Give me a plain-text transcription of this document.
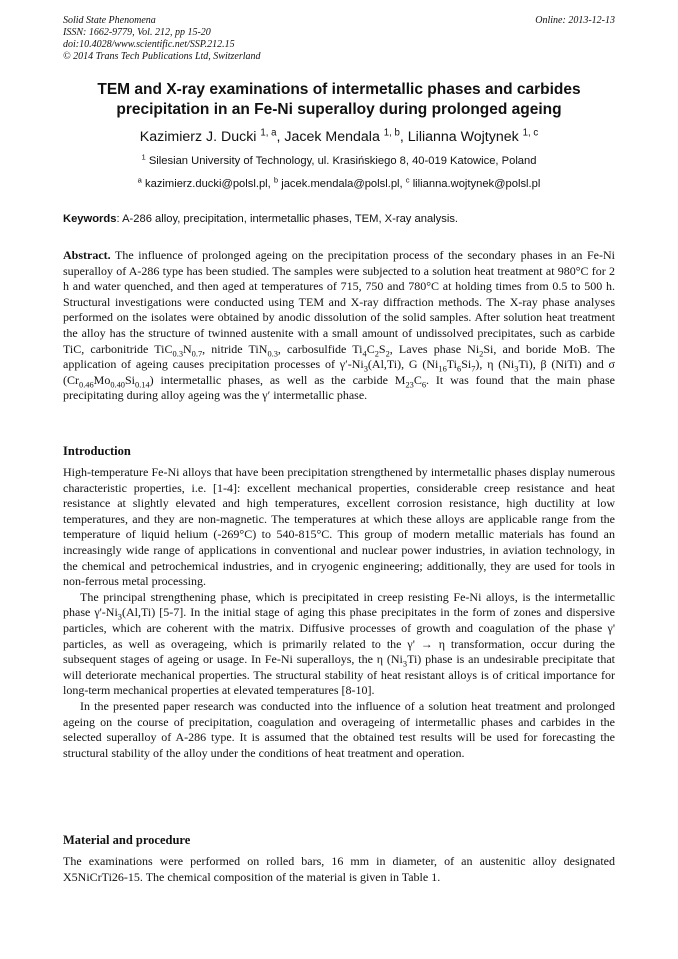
Solid State Phenomena
ISSN: 1662-9779, Vol. 212, pp 15-20
doi:10.4028/www.scientific.net/SSP.212.15
© 2014 Trans Tech Publications Ltd, Switzerland
Online: 2013-12-13
TEM and X-ray examinations of intermetallic phases and carbides
precipitation in an Fe-Ni superalloy during prolonged ageing
Kazimierz J. Ducki $^{1, a}$, Jacek Mendala $^{1, b}$, Lilianna Wojtynek $^{1, c}$
$^1$ Silesian University of Technology, ul. Krasińskiego 8, 40-019 Katowice, Poland
$^a$ kazimierz.ducki@polsl.pl, $^b$ jacek.mendala@polsl.pl, $^c$ lilianna.wojtynek@polsl.pl
Keywords: A-286 alloy, precipitation, intermetallic phases, TEM, X-ray analysis.
Abstract. The influence of prolonged ageing on the precipitation process of the secondary phases in an Fe-Ni superalloy of A-286 type has been studied. The samples were subjected to a solution heat treatment at 980°C for 2 h and water quenched, and then aged at temperatures of 715, 750 and 780°C at holding times from 0.5 to 500 h. Structural investigations were conducted using TEM and X-ray diffraction methods. The X-ray phase analyses performed on the isolates were obtained by anodic dissolution of the solid samples. After solution heat treatment the alloy has the structure of twinned austenite with a small amount of undissolved precipitates, such as carbide TiC, carbonitride $TiC_{0.3}N_{0.7}$, nitride TiN$_{0.3}$, carbosulfide $Ti_4C_2S_2$, Laves phase $Ni_2Si$, and boride MoB. The application of ageing causes precipitation processes of $\gamma'-Ni_3(Al,Ti)$, G $(Ni_{16}Ti_6Si_7)$, η $(Ni_3Ti)$, β (NiTi) and σ $(Cr_{0.46}Mo_{0.40}Si_{0.14})$ intermetallic phases, as well as the carbide $M_{23}C_6$. It was found that the main phase precipitating during alloy ageing was the γ′ intermetallic phase.
Introduction

High-temperature Fe-Ni alloys that have been precipitation strengthened by intermetallic phases display numerous characteristic properties, i.e. [1-4]: excellent mechanical properties, considerable creep resistance and heat resistance at slightly elevated and high temperatures, excellent corrosion resistance, high ductility at low temperatures, and they are non-magnetic. The temperatures at which these alloys are applicable range from the temperature of liquid helium (-269°C) to 540-815°C. This group of modern metallic materials has found an increasingly wide range of applications in conventional and nuclear power industries, in aviation technology, in the chemical and petrochemical industries, and in cryogenic engineering; additionally, they are used for tools in non-ferrous metal processing.

The principal strengthening phase, which is precipitated in creep resisting Fe-Ni alloys, is the intermetallic phase $\gamma'-Ni_3(Al,Ti)$ [5-7]. In the initial stage of aging this phase precipitates in the form of zones and dispersive particles, which are coherent with the matrix. Diffusive processes of growth and coagulation of the phase γ' particles, as well as overageing, which is primarily related to the γ' → η transformation, occur during the subsequent stages of ageing or usage. In Fe-Ni superalloys, the η $(Ni_3Ti)$ phase is an undesirable precipitate that will deteriorate mechanical properties. The structural stability of heat resistant alloys is of critical importance for long-term mechanical properties at elevated temperatures [8-10].

In the presented paper research was conducted into the influence of a solution heat treatment and prolonged ageing on the course of precipitation, coagulation and overageing of intermetallic phases and carbides in the selected superalloy of A-286 type. It is assumed that the obtained test results will be used for forecasting the structural stability of the alloy under the conditions of heat treatment and operation.

Material and procedure

The examinations were performed on rolled bars, 16 mm in diameter, of an austenitic alloy designated X5NiCrTi26-15. The chemical composition of the material is given in Table 1.
